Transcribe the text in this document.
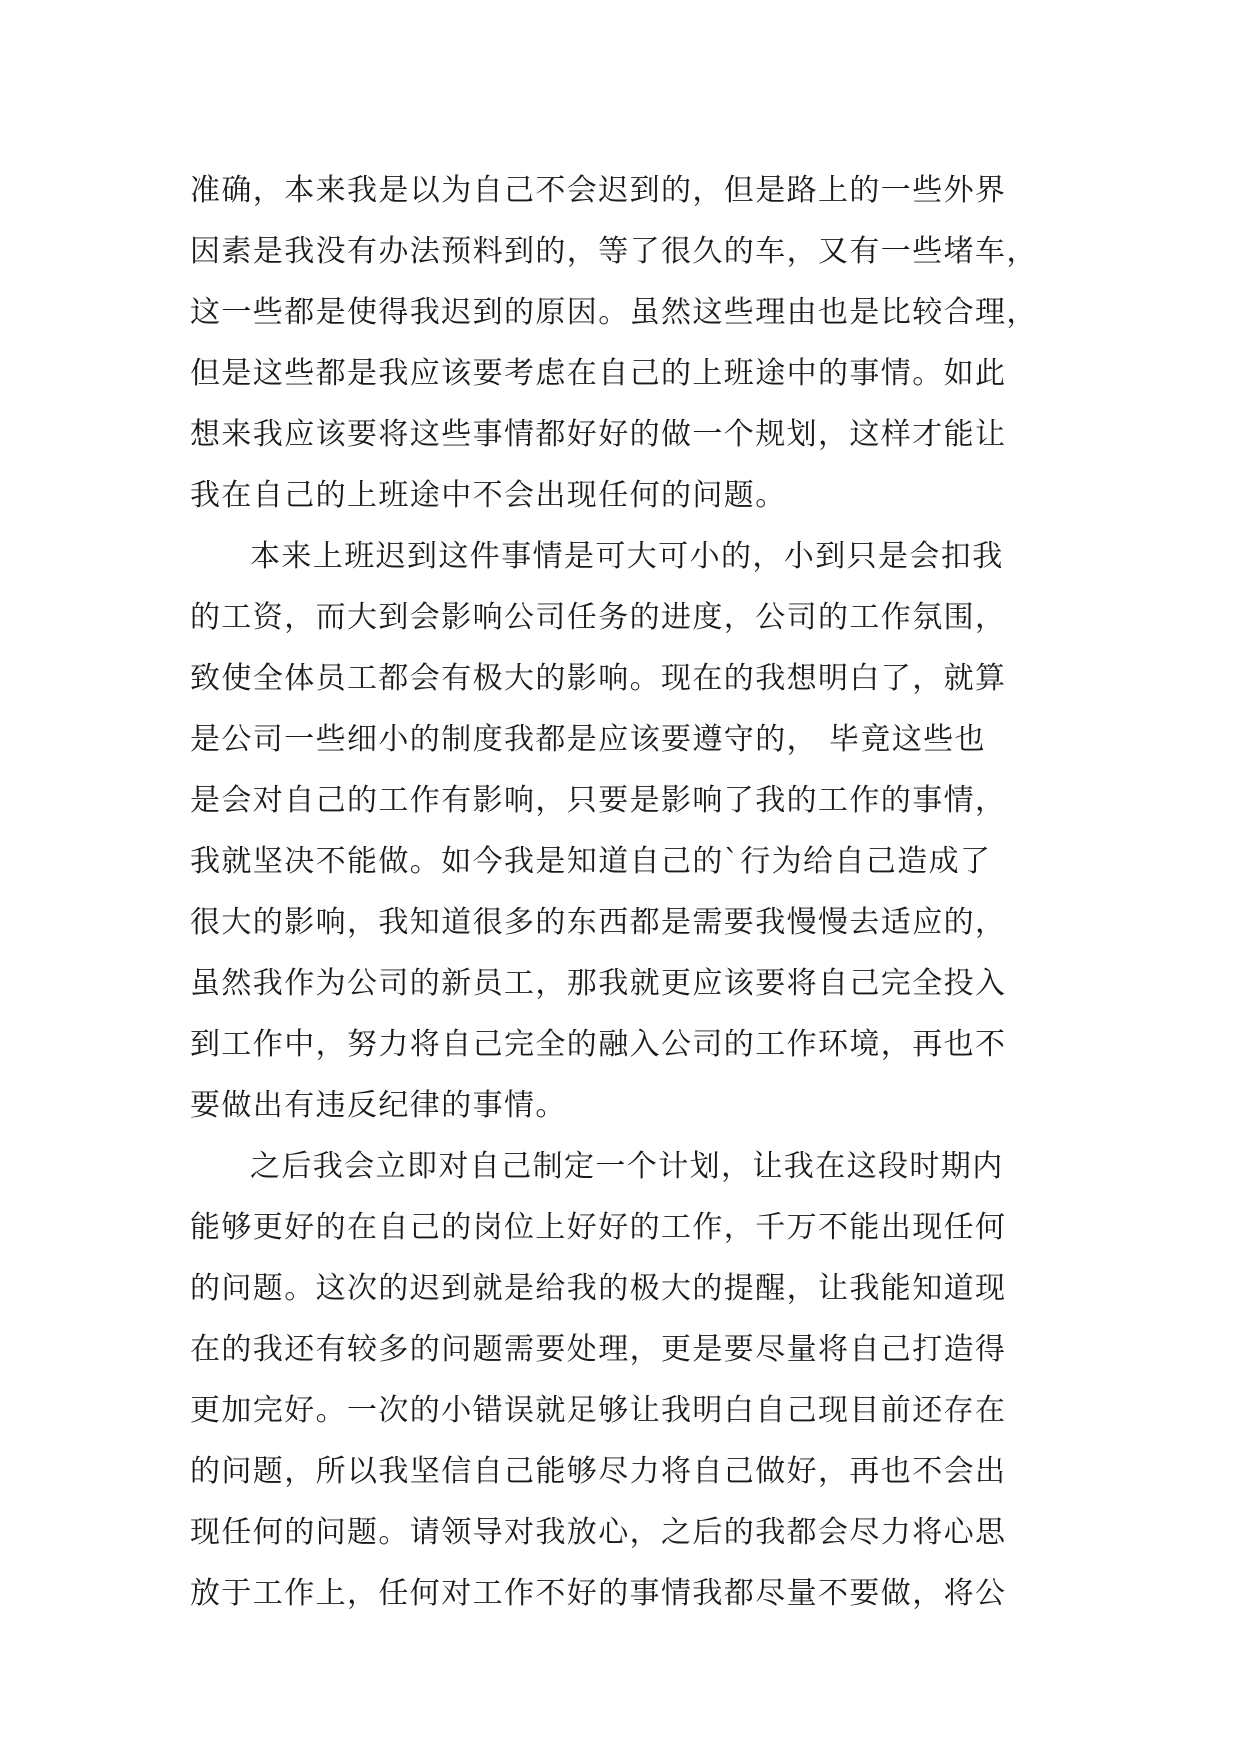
准确，本来我是以为自己不会迟到的，但是路上的一些外界
因素是我没有办法预料到的，等了很久的车，又有一些堵车，
这一些都是使得我迟到的原因。虽然这些理由也是比较合理，
但是这些都是我应该要考虑在自己的上班途中的事情。如此
想来我应该要将这些事情都好好的做一个规划，这样才能让
我在自己的上班途中不会出现任何的问题。
本来上班迟到这件事情是可大可小的，小到只是会扣我
的工资，而大到会影响公司任务的进度，公司的工作氛围，
致使全体员工都会有极大的影响。现在的我想明白了，就算
是公司一些细小的制度我都是应该要遵守的， 毕竟这些也
是会对自己的工作有影响，只要是影响了我的工作的事情，
我就坚决不能做。如今我是知道自己的`行为给自己造成了
很大的影响，我知道很多的东西都是需要我慢慢去适应的，
虽然我作为公司的新员工，那我就更应该要将自己完全投入
到工作中，努力将自己完全的融入公司的工作环境，再也不
要做出有违反纪律的事情。
之后我会立即对自己制定一个计划，让我在这段时期内
能够更好的在自己的岗位上好好的工作，千万不能出现任何
的问题。这次的迟到就是给我的极大的提醒，让我能知道现
在的我还有较多的问题需要处理，更是要尽量将自己打造得
更加完好。一次的小错误就足够让我明白自己现目前还存在
的问题，所以我坚信自己能够尽力将自己做好，再也不会出
现任何的问题。请领导对我放心，之后的我都会尽力将心思
放于工作上，任何对工作不好的事情我都尽量不要做，将公
